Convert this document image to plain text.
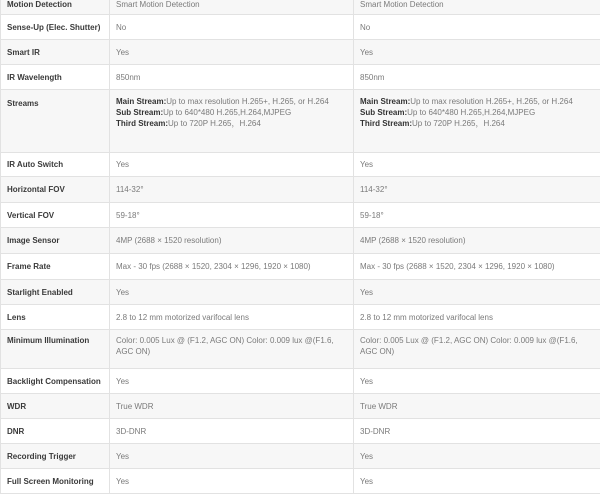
Motion Detection	Smart Motion Detection	Smart Motion Detection
Sense-Up (Elec. Shutter)	No	No
Smart IR	Yes	Yes
IR Wavelength	850nm	850nm
Streams	Main Stream:Up to max resolution H.265+, H.265, or H.264
Sub Stream:Up to 640*480 H.265,H.264,MJPEG
Third Stream:Up to 720P H.265，H.264	Main Stream:Up to max resolution H.265+, H.265, or H.264
Sub Stream:Up to 640*480 H.265,H.264,MJPEG
Third Stream:Up to 720P H.265，H.264

IR Auto Switch	Yes	Yes
Horizontal FOV	114-32°	114-32°
Vertical FOV	59-18°	59-18°
Image Sensor	4MP (2688 × 1520 resolution)	4MP (2688 × 1520 resolution)
Frame Rate	Max - 30 fps (2688 × 1520, 2304 × 1296, 1920 × 1080)	Max - 30 fps (2688 × 1520, 2304 × 1296, 1920 × 1080)
Starlight Enabled	Yes	Yes
Lens	2.8 to 12 mm motorized varifocal lens	2.8 to 12 mm motorized varifocal lens
Minimum Illumination	Color: 0.005 Lux @ (F1.2, AGC ON) Color: 0.009 lux @(F1.6, AGC ON)	Color: 0.005 Lux @ (F1.2, AGC ON) Color: 0.009 lux @(F1.6, AGC ON)
Backlight Compensation	Yes	Yes
WDR	True WDR	True WDR
DNR	3D-DNR	3D-DNR
Recording Trigger	Yes	Yes
Full Screen Monitoring	Yes	Yes
